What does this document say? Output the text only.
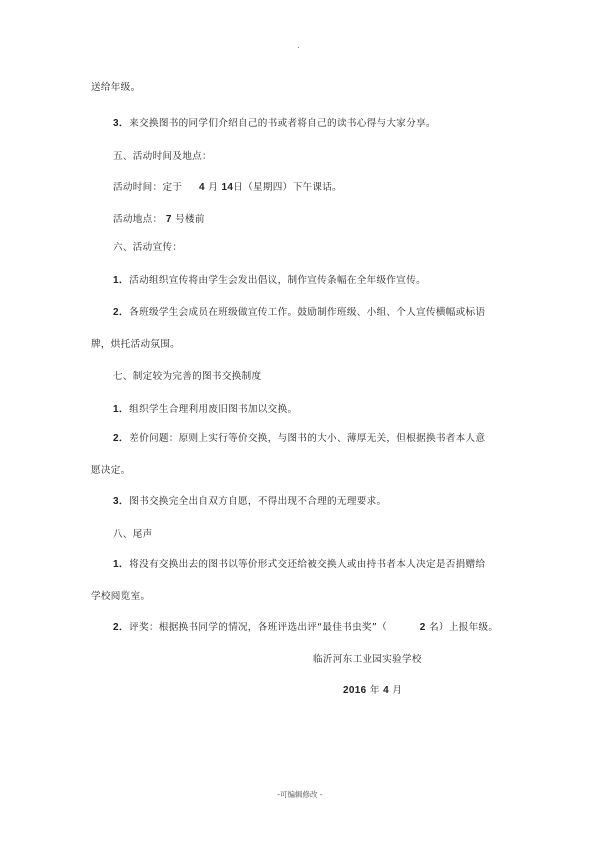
.
送给年级。
3．来交换图书的同学们介绍自己的书或者将自己的读书心得与大家分享。
五、活动时间及地点：
活动时间：定于 4 月 14日（星期四）下午课话。
活动地点： 7 号楼前
六、活动宣传：
1．活动组织宣传将由学生会发出倡议，制作宣传条幅在全年级作宣传。
2．各班级学生会成员在班级做宣传工作。鼓励制作班级、小组、个人宣传横幅或标语
牌，烘托活动氛围。
七、制定较为完善的图书交换制度
1．组织学生合理利用废旧图书加以交换。
2．差价问题：原则上实行等价交换，与图书的大小、薄厚无关，但根据换书者本人意
愿决定。
3．图书交换完全出自双方自愿，不得出现不合理的无理要求。
八、尾声
1．将没有交换出去的图书以等价形式交还给被交换人或由持书者本人决定是否捐赠给
学校阅览室。
2．评奖：根据换书同学的情况，各班评选出评“最佳书虫奖”（	2 名）上报年级。
临沂河东工业园实验学校
2016 年 4 月
-可编辑修改 -
